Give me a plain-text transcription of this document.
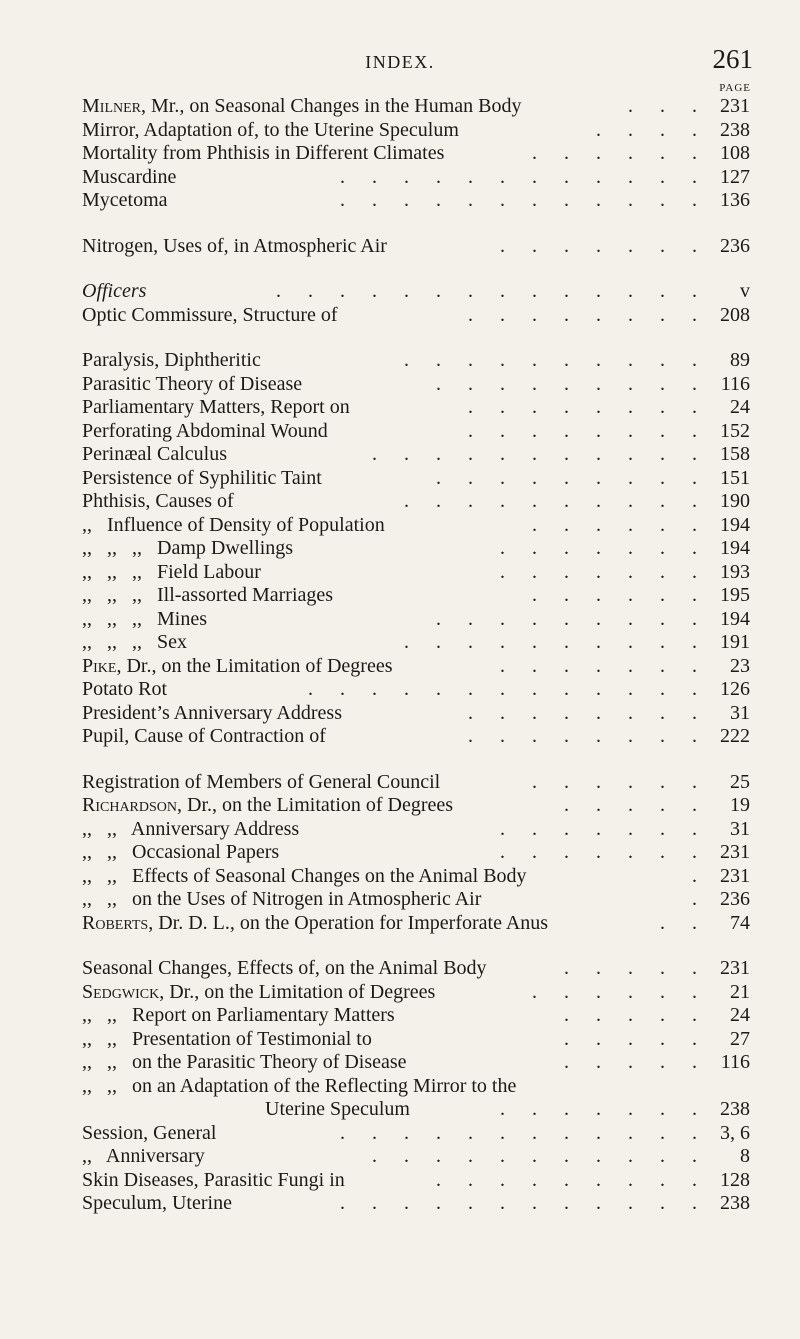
INDEX.	261
PAGE
Milner, Mr., on Seasonal Changes in the Human Body	. . . 231
Mirror, Adaptation of, to the Uterine Speculum	. . . . 238
Mortality from Phthisis in Different Climates	. . . . . . 108
Muscardine	. . . . . . . . . . . . 127
Mycetoma	. . . . . . . . . . . . 136
Nitrogen, Uses of, in Atmospheric Air	. . . . . . . 236
Officers	. . . . . . . . . . . . . .	v
Optic Commissure, Structure of	. . . . . . . . 208
Paralysis, Diphtheritic	. . . . . . . . . .	89
Parasitic Theory of Disease	. . . . . . . . . 116
Parliamentary Matters, Report on	. . . . . . . .	24
Perforating Abdominal Wound	. . . . . . . . 152
Perinæal Calculus	. . . . . . . . . . . 158
Persistence of Syphilitic Taint	. . . . . . . . . 151
Phthisis, Causes of	. . . . . . . . . . 190
,,   Influence of Density of Population	. . . . . . 194
,,   ,,   ,,   Damp Dwellings	. . . . . . . 194
,,   ,,   ,,   Field Labour	. . . . . . . 193
,,   ,,   ,,   Ill-assorted Marriages	. . . . . . 195
,,   ,,   ,,   Mines	. . . . . . . . . 194
,,   ,,   ,,   Sex	. . . . . . . . . . 191
Pike, Dr., on the Limitation of Degrees	. . . . . . .	23
Potato Rot	. . . . . . . . . . . . . 126
President’s Anniversary Address	. . . . . . . .	31
Pupil, Cause of Contraction of	. . . . . . . . 222
Registration of Members of General Council	. . . . . .	25
Richardson, Dr., on the Limitation of Degrees	. . . . .	19
,,   ,,   Anniversary Address	. . . . . . .	31
,,   ,,   Occasional Papers	. . . . . . . 231
,,   ,,   Effects of Seasonal Changes on the Animal Body	. 231
,,   ,,   on the Uses of Nitrogen in Atmospheric Air	. 236
Roberts, Dr. D. L., on the Operation for Imperforate Anus	. .	74
Seasonal Changes, Effects of, on the Animal Body	. . . . . 231
Sedgwick, Dr., on the Limitation of Degrees	. . . . . .	21
,,   ,,   Report on Parliamentary Matters	. . . . .	24
,,   ,,   Presentation of Testimonial to	. . . . .	27
,,   ,,   on the Parasitic Theory of Disease	. . . . . 116
,,   ,,   on an Adaptation of the Reflecting Mirror to the
Uterine Speculum	. . . . . . . 238
Session, General	. . . . . . . . . . . . 3, 6
,,   Anniversary	. . . . . . . . . . .	8
Skin Diseases, Parasitic Fungi in	. . . . . . . . . 128
Speculum, Uterine	. . . . . . . . . . . . 238
